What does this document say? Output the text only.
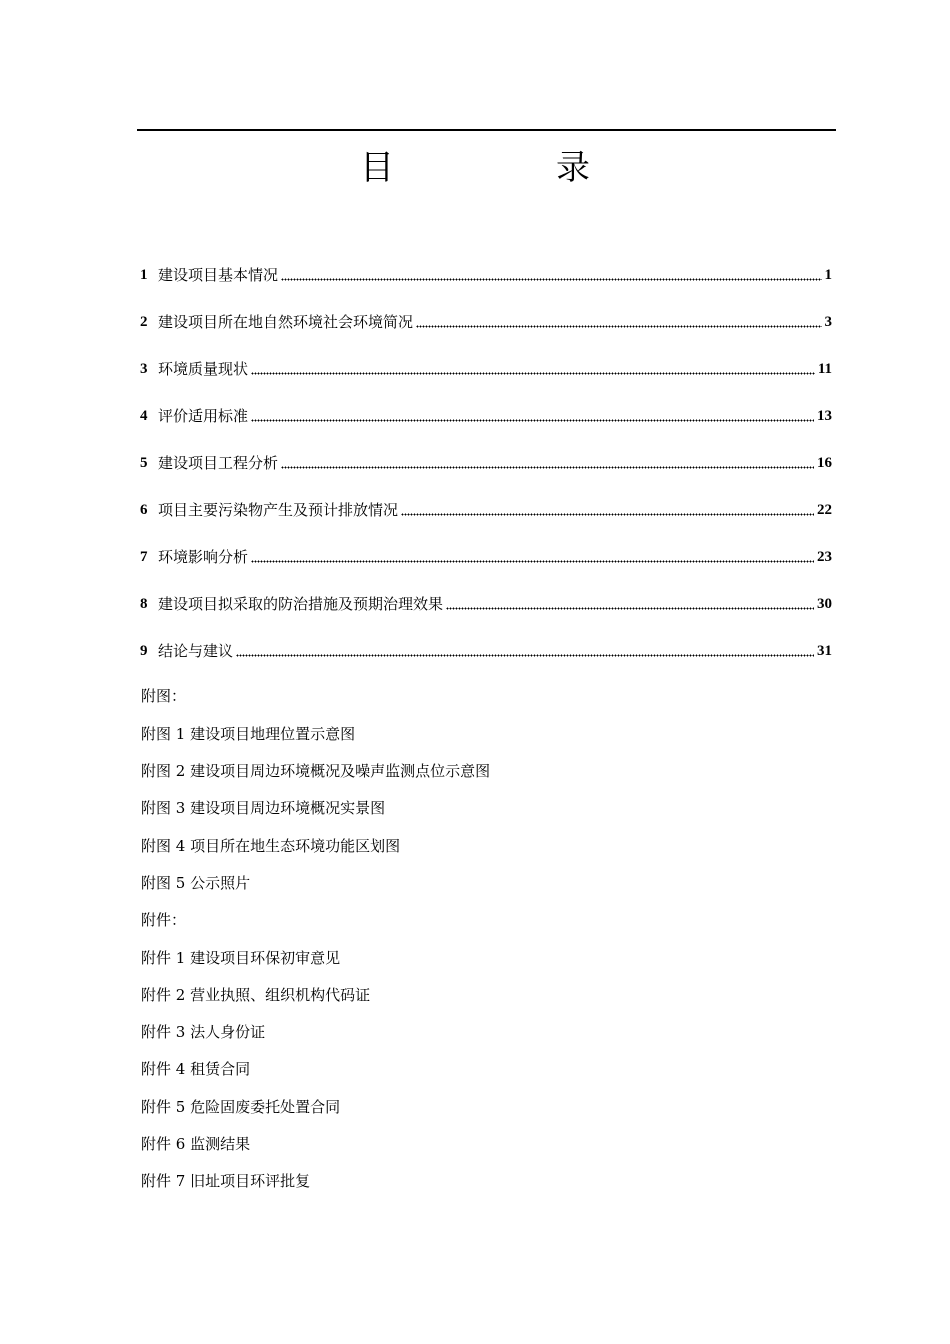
目　录
1 建设项目基本情况	1
2 建设项目所在地自然环境社会环境简况	3
3 环境质量现状	11
4 评价适用标准	13
5 建设项目工程分析	16
6 项目主要污染物产生及预计排放情况	22
7 环境影响分析	23
8 建设项目拟采取的防治措施及预期治理效果	30
9 结论与建议	31
附图：
附图 1 建设项目地理位置示意图
附图 2 建设项目周边环境概况及噪声监测点位示意图
附图 3 建设项目周边环境概况实景图
附图 4 项目所在地生态环境功能区划图
附图 5 公示照片
附件：
附件 1 建设项目环保初审意见
附件 2 营业执照、组织机构代码证
附件 3 法人身份证
附件 4 租赁合同
附件 5 危险固废委托处置合同
附件 6 监测结果
附件 7 旧址项目环评批复
